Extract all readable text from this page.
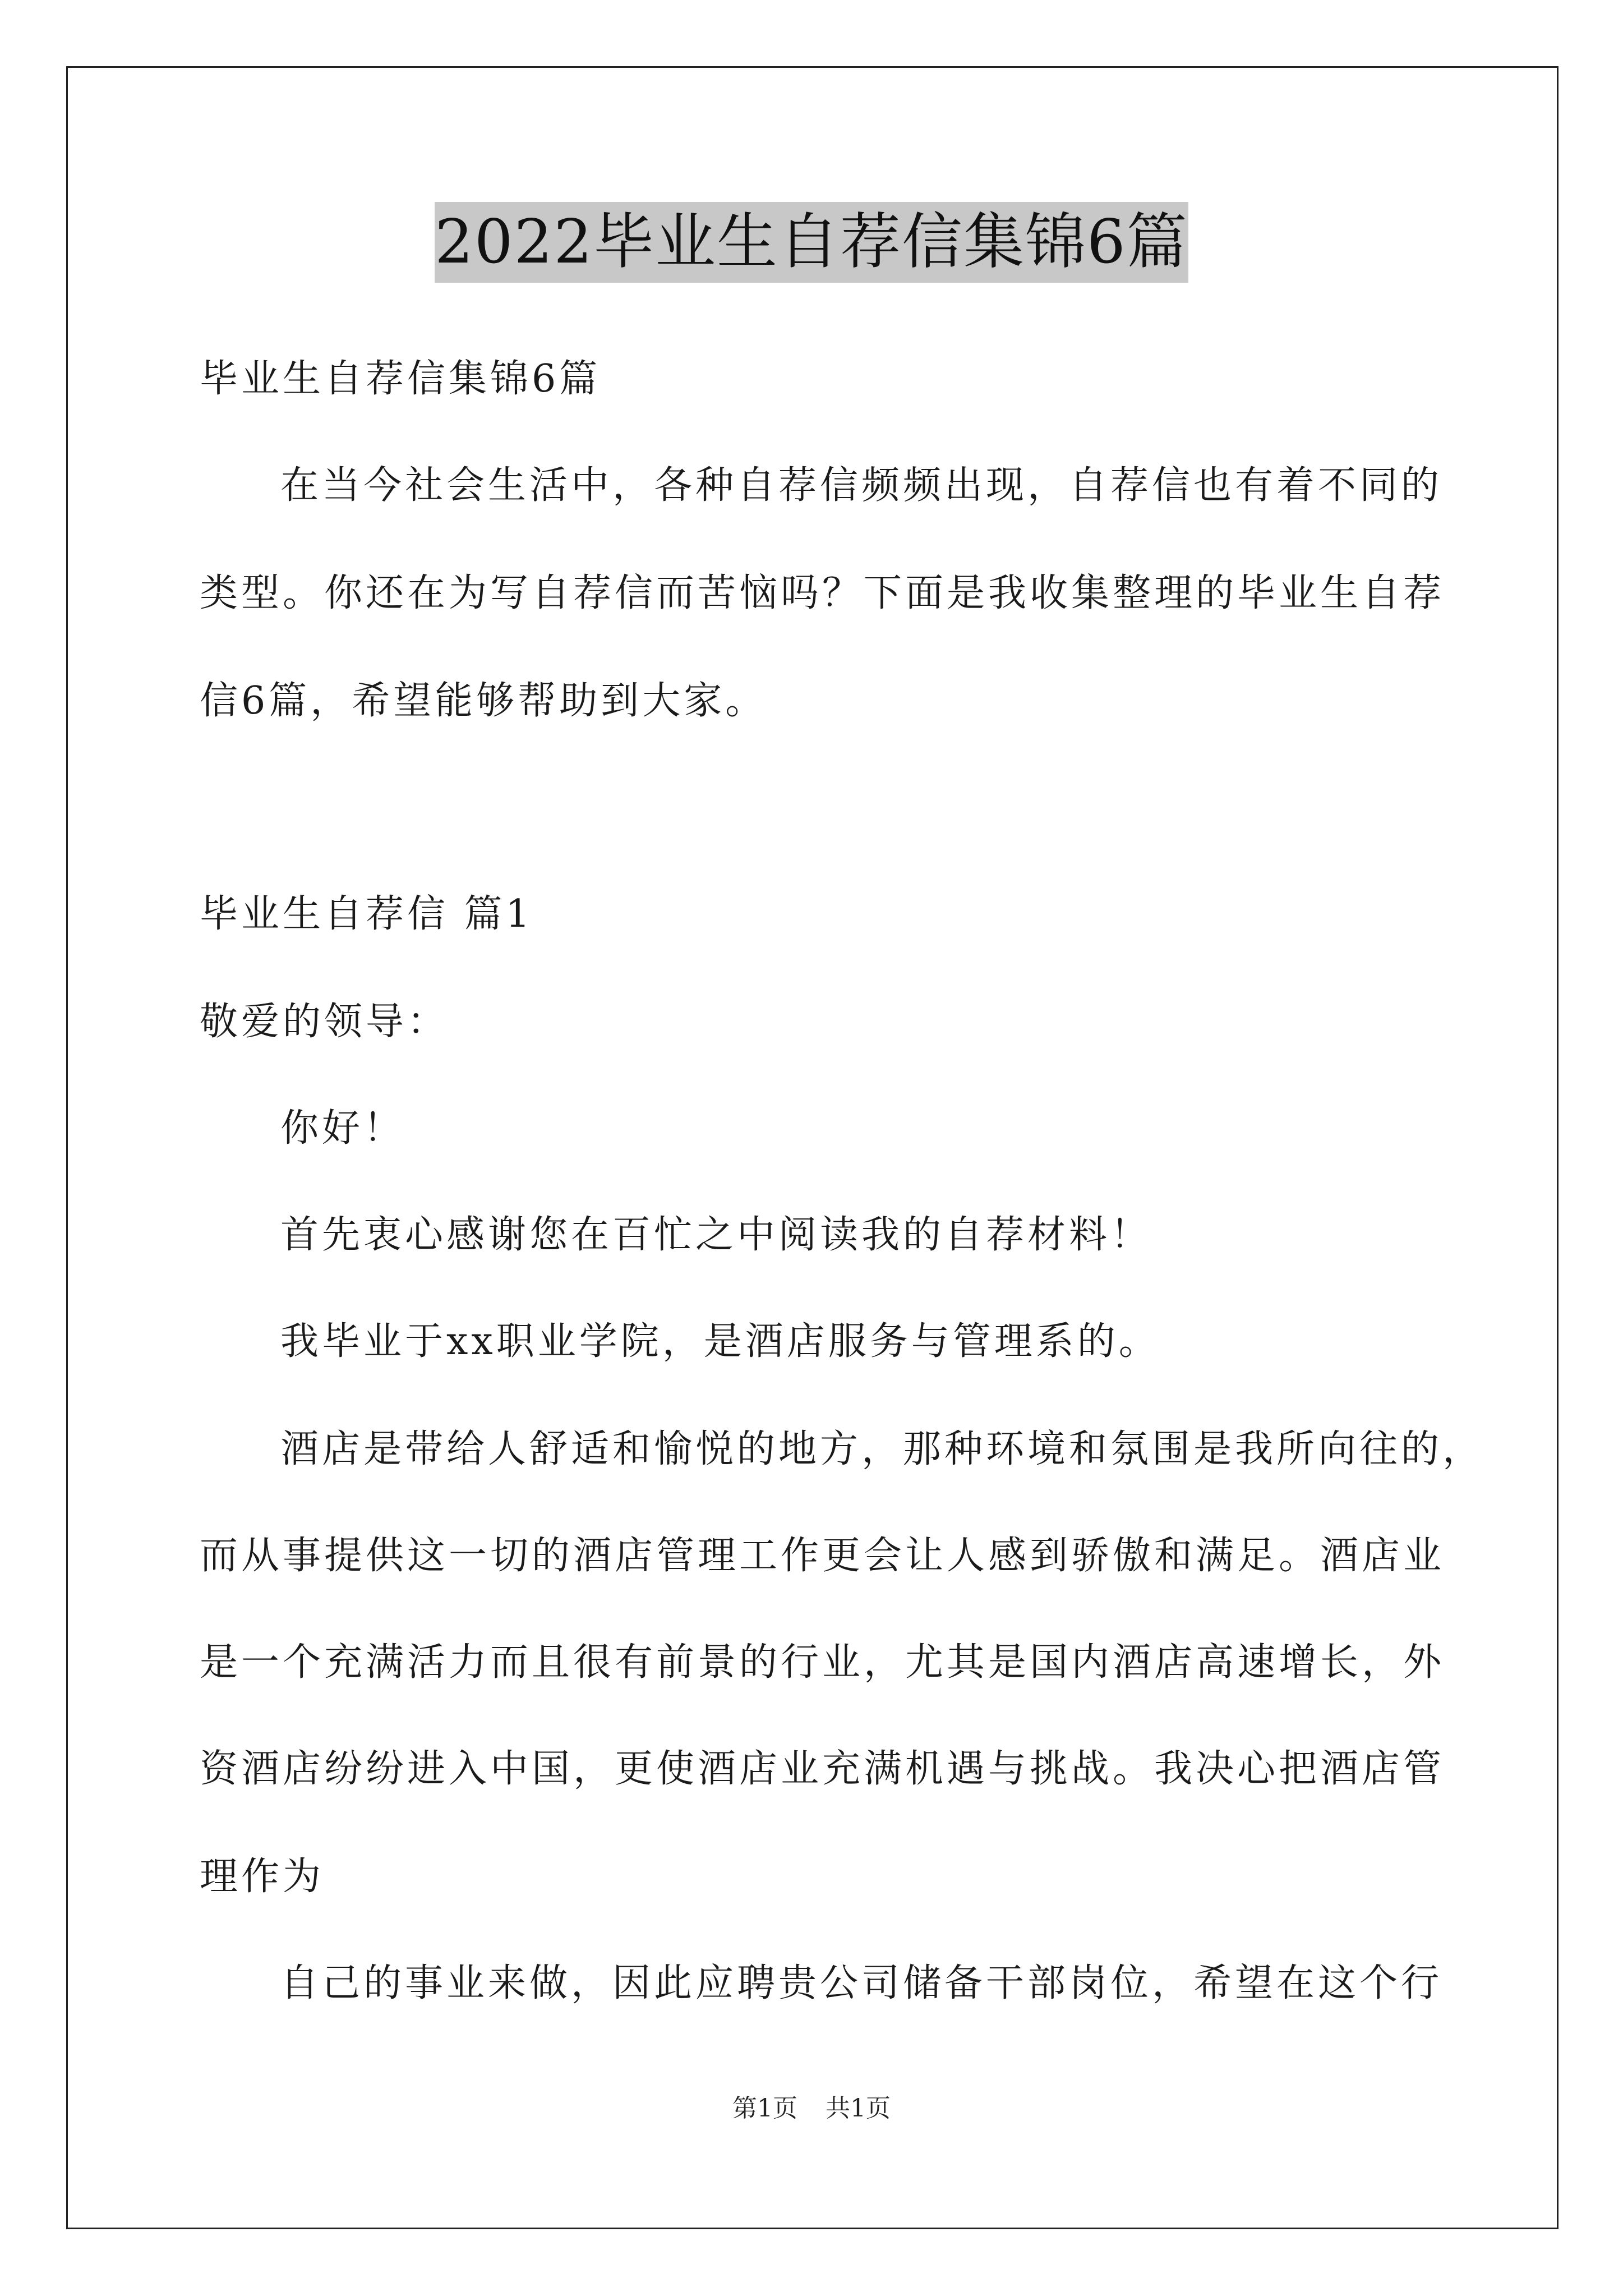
2022毕业生自荐信集锦6篇
毕业生自荐信集锦6篇
在当今社会生活中，各种自荐信频频出现，自荐信也有着不同的
类型。你还在为写自荐信而苦恼吗？下面是我收集整理的毕业生自荐
信6篇，希望能够帮助到大家。
毕业生自荐信 篇1
敬爱的领导：
你好！
首先衷心感谢您在百忙之中阅读我的自荐材料！
我毕业于xx职业学院，是酒店服务与管理系的。
酒店是带给人舒适和愉悦的地方，那种环境和氛围是我所向往的，
而从事提供这一切的酒店管理工作更会让人感到骄傲和满足。酒店业
是一个充满活力而且很有前景的行业，尤其是国内酒店高速增长，外
资酒店纷纷进入中国，更使酒店业充满机遇与挑战。我决心把酒店管
理作为
自己的事业来做，因此应聘贵公司储备干部岗位，希望在这个行
第1页 共1页
